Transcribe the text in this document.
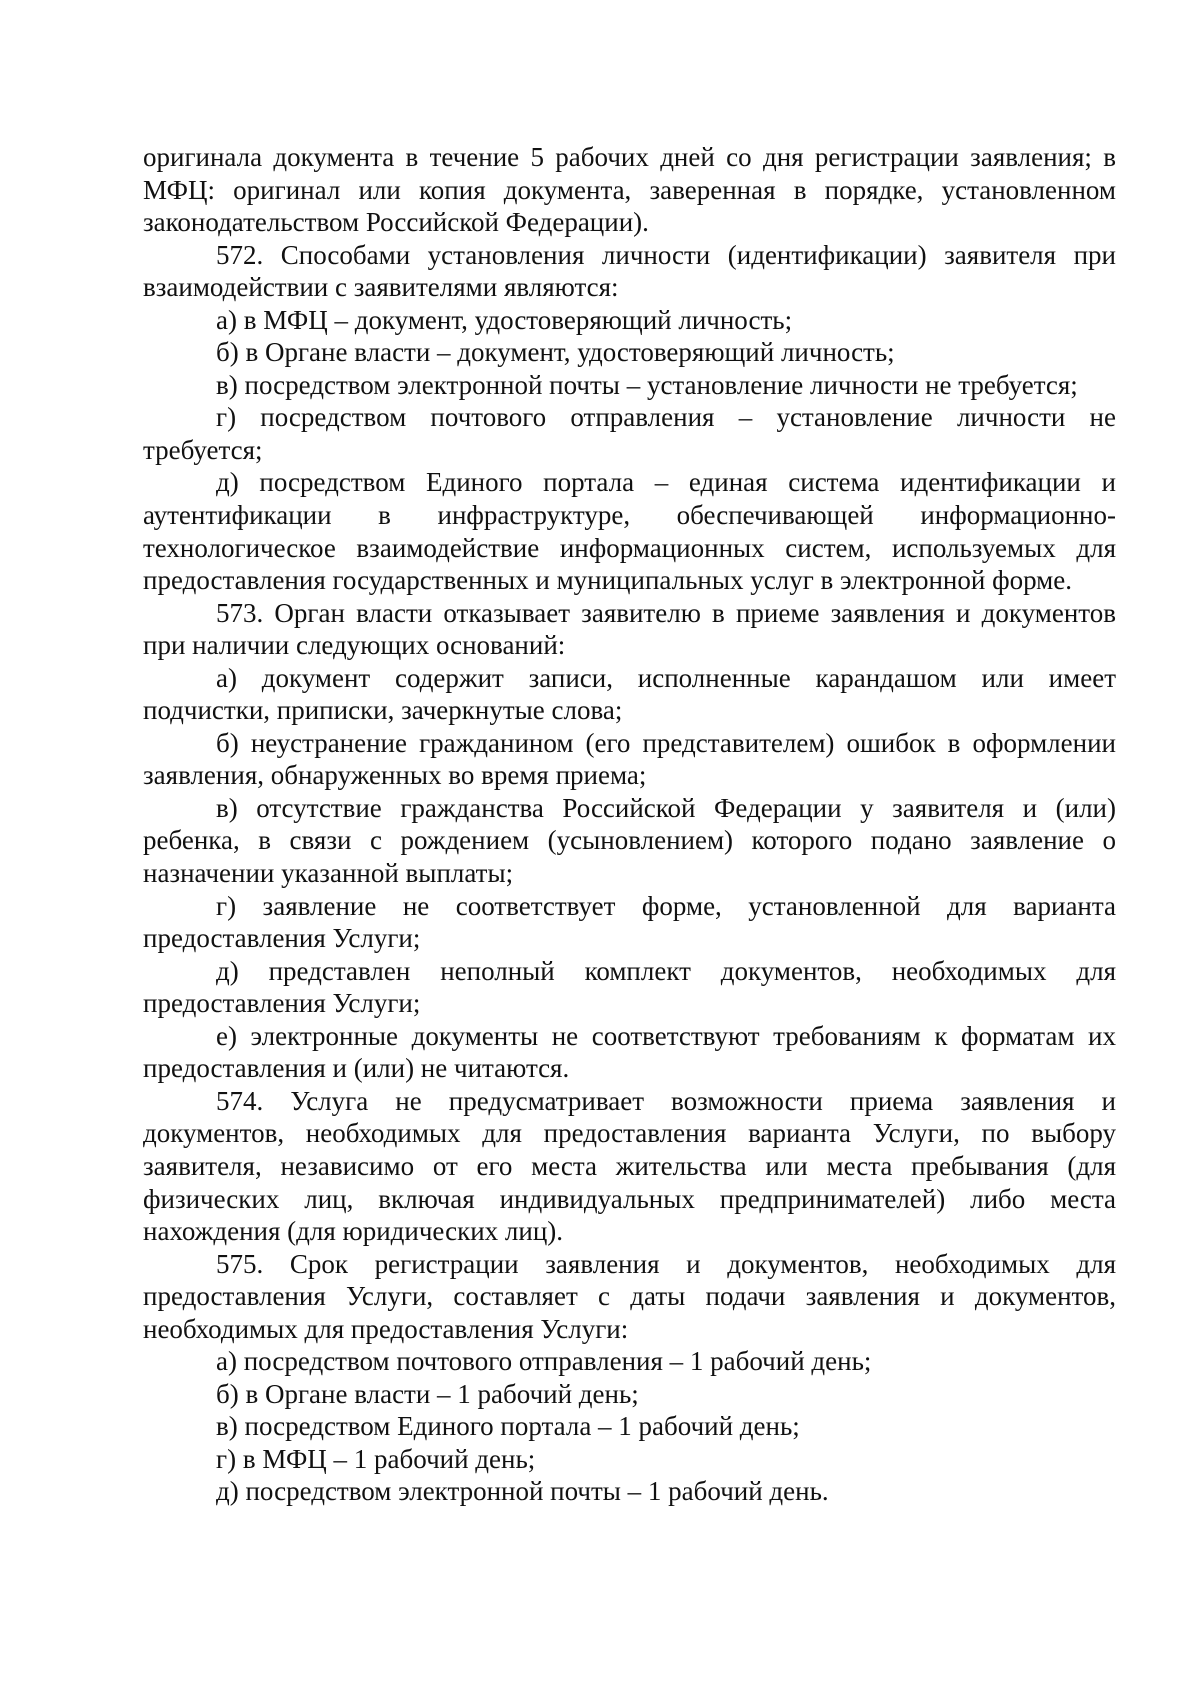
оригинала документа в течение 5 рабочих дней со дня регистрации заявления; в МФЦ: оригинал или копия документа, заверенная в порядке, установленном законодательством Российской Федерации).

572. Способами установления личности (идентификации) заявителя при взаимодействии с заявителями являются:

а) в МФЦ – документ, удостоверяющий личность;

б) в Органе власти – документ, удостоверяющий личность;

в) посредством электронной почты – установление личности не требуется;

г) посредством почтового отправления – установление личности не требуется;

д) посредством Единого портала – единая система идентификации и аутентификации в инфраструктуре, обеспечивающей информационно-технологическое взаимодействие информационных систем, используемых для предоставления государственных и муниципальных услуг в электронной форме.

573. Орган власти отказывает заявителю в приеме заявления и документов при наличии следующих оснований:

а) документ содержит записи, исполненные карандашом или имеет подчистки, приписки, зачеркнутые слова;

б) неустранение гражданином (его представителем) ошибок в оформлении заявления, обнаруженных во время приема;

в) отсутствие гражданства Российской Федерации у заявителя и (или) ребенка, в связи с рождением (усыновлением) которого подано заявление о назначении указанной выплаты;

г) заявление не соответствует форме, установленной для варианта предоставления Услуги;

д) представлен неполный комплект документов, необходимых для предоставления Услуги;

е) электронные документы не соответствуют требованиям к форматам их предоставления и (или) не читаются.

574. Услуга не предусматривает возможности приема заявления и документов, необходимых для предоставления варианта Услуги, по выбору заявителя, независимо от его места жительства или места пребывания (для физических лиц, включая индивидуальных предпринимателей) либо места нахождения (для юридических лиц).

575. Срок регистрации заявления и документов, необходимых для предоставления Услуги, составляет с даты подачи заявления и документов, необходимых для предоставления Услуги:

а) посредством почтового отправления – 1 рабочий день;

б) в Органе власти – 1 рабочий день;

в) посредством Единого портала – 1 рабочий день;

г) в МФЦ – 1 рабочий день;

д) посредством электронной почты – 1 рабочий день.
